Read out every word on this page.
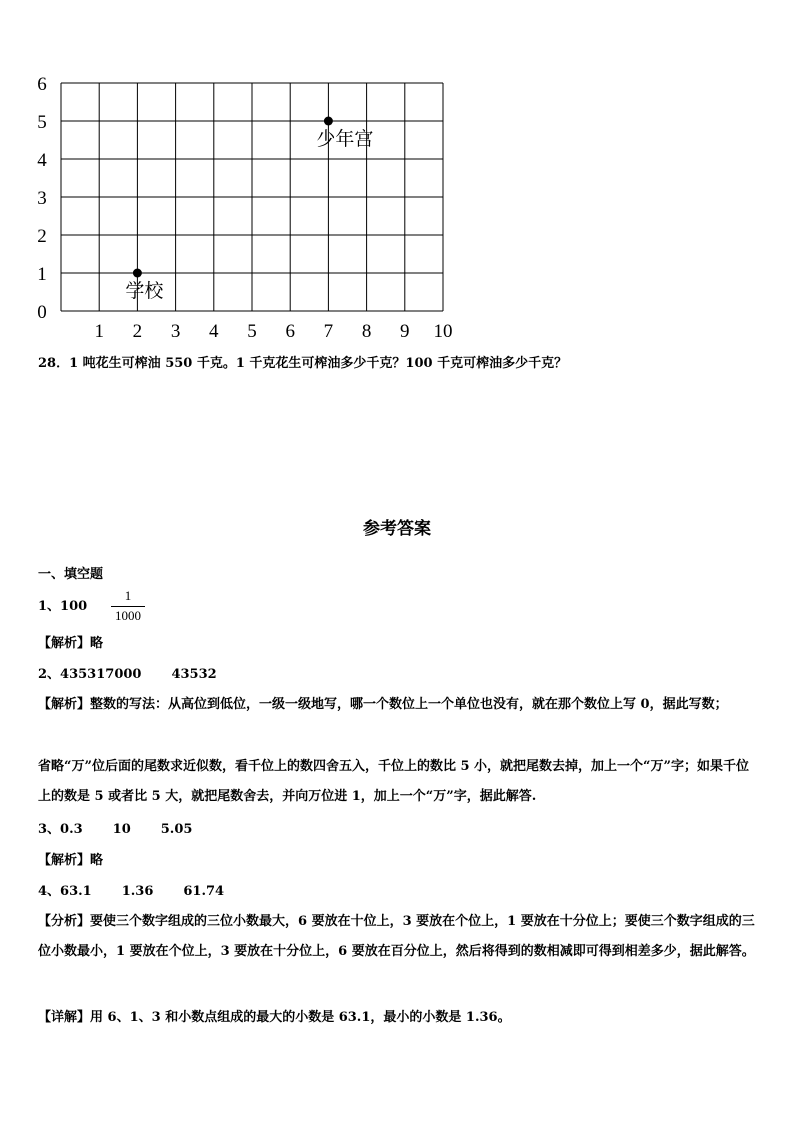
1 2 3 4 5 6 7 8 9 10
0
1
2
3
4
5
6
少年宫
学校
28．1 吨花生可榨油 550 千克。1 千克花生可榨油多少千克？100 千克可榨油多少千克？
参考答案
一、填空题
1、100
1
1000
【解析】略
2、435317000 43532
【解析】整数的写法：从高位到低位，一级一级地写，哪一个数位上一个单位也没有，就在那个数位上写 0，据此写数；
省略“万”位后面的尾数求近似数，看千位上的数四舍五入，千位上的数比 5 小，就把尾数去掉，加上一个“万”字；如果千位上的数是 5 或者比 5 大，就把尾数舍去，并向万位进 1，加上一个“万”字，据此解答.
3、0.3 10 5.05
【解析】略
4、63.1 1.36 61.74
【分析】要使三个数字组成的三位小数最大，6 要放在十位上，3 要放在个位上，1 要放在十分位上；要使三个数字组成的三位小数最小，1 要放在个位上，3 要放在十分位上，6 要放在百分位上，然后将得到的数相减即可得到相差多少，据此解答。
【详解】用 6、1、3 和小数点组成的最大的小数是 63.1，最小的小数是 1.36。
